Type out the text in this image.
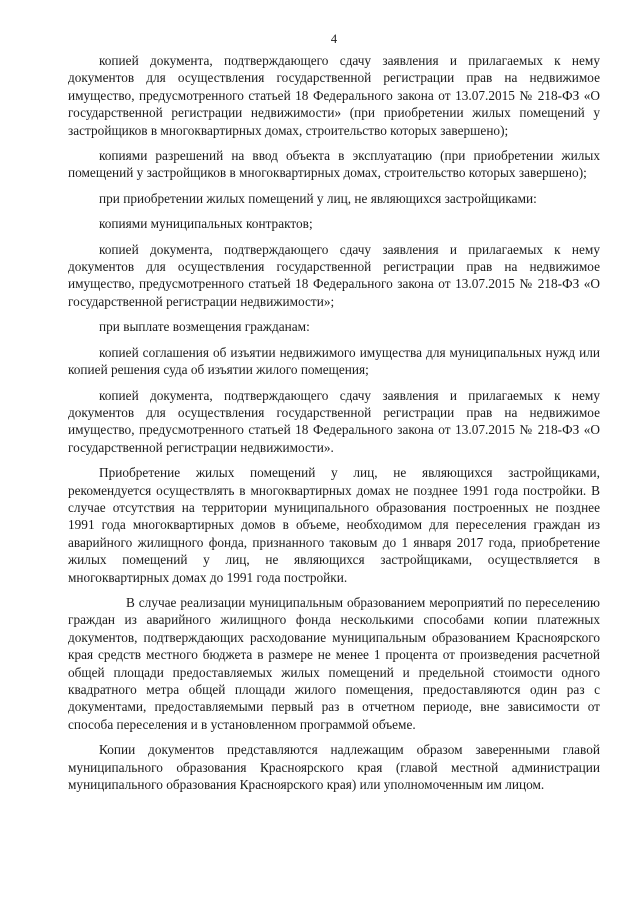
4

копией документа, подтверждающего сдачу заявления и прилагаемых к нему документов для осуществления государственной регистрации прав на недвижимое имущество, предусмотренного статьей 18 Федерального закона от 13.07.2015 № 218-ФЗ «О государственной регистрации недвижимости» (при приобретении жилых помещений у застройщиков в многоквартирных домах, строительство которых завершено);

копиями разрешений на ввод объекта в эксплуатацию (при приобретении жилых помещений у застройщиков в многоквартирных домах, строительство которых завершено);

при приобретении жилых помещений у лиц, не являющихся застройщиками:

копиями муниципальных контрактов;

копией документа, подтверждающего сдачу заявления и прилагаемых к нему документов для осуществления государственной регистрации прав на недвижимое имущество, предусмотренного статьей 18 Федерального закона от 13.07.2015 № 218-ФЗ «О государственной регистрации недвижимости»;

при выплате возмещения гражданам:

копией соглашения об изъятии недвижимого имущества для муниципальных нужд или копией решения суда об изъятии жилого помещения;

копией документа, подтверждающего сдачу заявления и прилагаемых к нему документов для осуществления государственной регистрации прав на недвижимое имущество, предусмотренного статьей 18 Федерального закона от 13.07.2015 № 218-ФЗ «О государственной регистрации недвижимости».

Приобретение жилых помещений у лиц, не являющихся застройщиками, рекомендуется осуществлять в многоквартирных домах не позднее 1991 года постройки. В случае отсутствия на территории муниципального образования построенных не позднее 1991 года многоквартирных домов в объеме, необходимом для переселения граждан из аварийного жилищного фонда, признанного таковым до 1 января 2017 года, приобретение жилых помещений у лиц, не являющихся застройщиками, осуществляется в многоквартирных домах до 1991 года постройки.

В случае реализации муниципальным образованием мероприятий по переселению граждан из аварийного жилищного фонда несколькими способами копии платежных документов, подтверждающих расходование муниципальным образованием Красноярского края средств местного бюджета в размере не менее 1 процента от произведения расчетной общей площади предоставляемых жилых помещений и предельной стоимости одного квадратного метра общей площади жилого помещения, предоставляются один раз с документами, предоставляемыми первый раз в отчетном периоде, вне зависимости от способа переселения и в установленном программой объеме.

Копии документов представляются надлежащим образом заверенными главой муниципального образования Красноярского края (главой местной администрации муниципального образования Красноярского края) или уполномоченным им лицом.
